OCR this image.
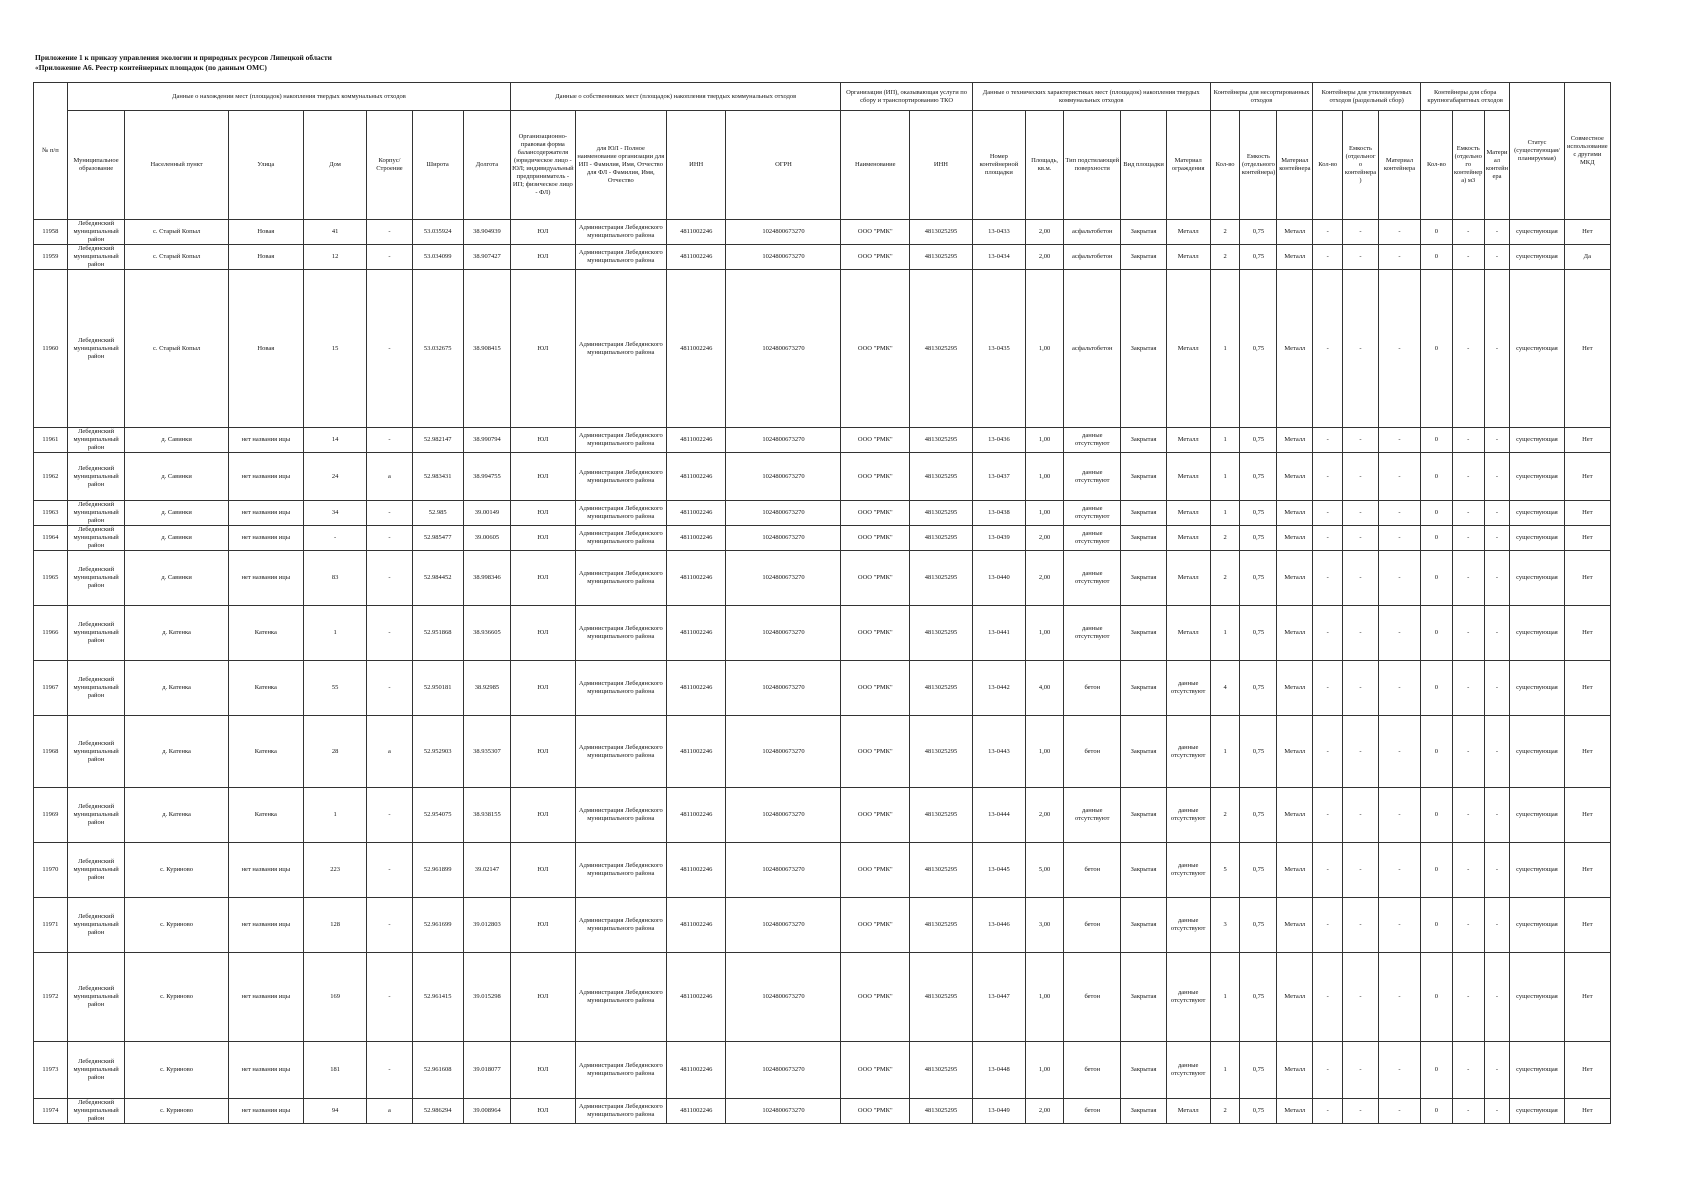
Приложение 1 к приказу управления экологии и природных ресурсов Липецкой области
«Приложение А6. Реестр контейнерных площадок (по данным ОМС)
№ п/п	Данные о нахождении мест (площадок) накопления твердых коммунальных отходов							Данные о собственниках мест (площадок) накопления твердых коммунальных отходов				Организация (ИП), оказывающая услуги по сбору и транспортированию ТКО		Данные о технических характеристиках мест (площадок) накопления твердых коммунальных отходов					Контейнеры для несортированных отходов			Контейнеры для утилизируемых отходов (раздельный сбор)			Контейнеры для сбора крупногабаритных отходов			Статус (существующая/планируемая)	Совместное использование с другими МКД
	Муниципальное образование	Населенный пункт	Улица	Дом	Корпус/Строение	Широта	Долгота	Организационно-правовая форма балансодержателя (юридическое лицо - ЮЛ; индивидуальный предприниматель - ИП; физическое лицо - ФЛ)	для ЮЛ - Полное наименование организации для ИП - Фамилия, Имя, Отчество для ФЛ - Фамилия, Имя, Отчество	ИНН	ОГРН	Наименование	ИНН	Номер контейнерной площадки	Площадь, кв.м.	Тип подстилающей поверхности	Вид площадки	Материал ограждения	Кол-во	Емкость (отдельного контейнера)	Материал контейнера	Кол-во	Емкость (отдельного контейнера)	Материал контейнера	Кол-во	Емкость (отдельного контейнера) м3	Материал контейнера		
11958	Лебедянский муниципальный район	с. Старый Копыл	Новая	41	-	53.035924	38.904939	ЮЛ	Администрация Лебедянского муниципального района	4811002246	1024800673270	ООО "РМК"	4813025295	13-0433	2,00	асфальтобетон	Закрытая	Металл	2	0,75	Металл	-	-	-	0	-	-	существующая	Нет
11959	Лебедянский муниципальный район	с. Старый Копыл	Новая	12	-	53.034099	38.907427	ЮЛ	Администрация Лебедянского муниципального района	4811002246	1024800673270	ООО "РМК"	4813025295	13-0434	2,00	асфальтобетон	Закрытая	Металл	2	0,75	Металл	-	-	-	0	-	-	существующая	Да
11960	Лебедянский муниципальный район	с. Старый Копыл	Новая	15	-	53.032675	38.908415	ЮЛ	Администрация Лебедянского муниципального района	4811002246	1024800673270	ООО "РМК"	4813025295	13-0435	1,00	асфальтобетон	Закрытая	Металл	1	0,75	Металл	-	-	-	0	-	-	существующая	Нет
11961	Лебедянский муниципальный район	д. Савинки	нет названия ицы	14	-	52.982147	38.990794	ЮЛ	Администрация Лебедянского муниципального района	4811002246	1024800673270	ООО "РМК"	4813025295	13-0436	1,00	данные отсутствуют	Закрытая	Металл	1	0,75	Металл	-	-	-	0	-	-	существующая	Нет
11962	Лебедянский муниципальный район	д. Савинки	нет названия ицы	24	а	52.983431	38.994755	ЮЛ	Администрация Лебедянского муниципального района	4811002246	1024800673270	ООО "РМК"	4813025295	13-0437	1,00	данные отсутствуют	Закрытая	Металл	1	0,75	Металл	-	-	-	0	-	-	существующая	Нет
11963	Лебедянский муниципальный район	д. Савинки	нет названия ицы	34	-	52.985	39.00149	ЮЛ	Администрация Лебедянского муниципального района	4811002246	1024800673270	ООО "РМК"	4813025295	13-0438	1,00	данные отсутствуют	Закрытая	Металл	1	0,75	Металл	-	-	-	0	-	-	существующая	Нет
11964	Лебедянский муниципальный район	д. Савинки	нет названия ицы	-	-	52.985477	39.00605	ЮЛ	Администрация Лебедянского муниципального района	4811002246	1024800673270	ООО "РМК"	4813025295	13-0439	2,00	данные отсутствуют	Закрытая	Металл	2	0,75	Металл	-	-	-	0	-	-	существующая	Нет
11965	Лебедянский муниципальный район	д. Савинки	нет названия ицы	83	-	52.984452	38.998346	ЮЛ	Администрация Лебедянского муниципального района	4811002246	1024800673270	ООО "РМК"	4813025295	13-0440	2,00	данные отсутствуют	Закрытая	Металл	2	0,75	Металл	-	-	-	0	-	-	существующая	Нет
11966	Лебедянский муниципальный район	д. Катенка	Катенка	1	-	52.951868	38.936605	ЮЛ	Администрация Лебедянского муниципального района	4811002246	1024800673270	ООО "РМК"	4813025295	13-0441	1,00	данные отсутствуют	Закрытая	Металл	1	0,75	Металл	-	-	-	0	-	-	существующая	Нет
11967	Лебедянский муниципальный район	д. Катенка	Катенка	55	-	52.950181	38.92985	ЮЛ	Администрация Лебедянского муниципального района	4811002246	1024800673270	ООО "РМК"	4813025295	13-0442	4,00	бетон	Закрытая	данные отсутствуют	4	0,75	Металл	-	-	-	0	-	-	существующая	Нет
11968	Лебедянский муниципальный район	д. Катенка	Катенка	28	а	52.952903	38.935307	ЮЛ	Администрация Лебедянского муниципального района	4811002246	1024800673270	ООО "РМК"	4813025295	13-0443	1,00	бетон	Закрытая	данные отсутствуют	1	0,75	Металл	-	-	-	0	-	-	существующая	Нет
11969	Лебедянский муниципальный район	д. Катенка	Катенка	1	-	52.954075	38.938155	ЮЛ	Администрация Лебедянского муниципального района	4811002246	1024800673270	ООО "РМК"	4813025295	13-0444	2,00	данные отсутствуют	Закрытая	данные отсутствуют	2	0,75	Металл	-	-	-	0	-	-	существующая	Нет
11970	Лебедянский муниципальный район	с. Куриново	нет названия ицы	223	-	52.961899	39.02147	ЮЛ	Администрация Лебедянского муниципального района	4811002246	1024800673270	ООО "РМК"	4813025295	13-0445	5,00	бетон	Закрытая	данные отсутствуют	5	0,75	Металл	-	-	-	0	-	-	существующая	Нет
11971	Лебедянский муниципальный район	с. Куриново	нет названия ицы	128	-	52.961699	39.012803	ЮЛ	Администрация Лебедянского муниципального района	4811002246	1024800673270	ООО "РМК"	4813025295	13-0446	3,00	бетон	Закрытая	данные отсутствуют	3	0,75	Металл	-	-	-	0	-	-	существующая	Нет
11972	Лебедянский муниципальный район	с. Куриново	нет названия ицы	169	-	52.961415	39.015298	ЮЛ	Администрация Лебедянского муниципального района	4811002246	1024800673270	ООО "РМК"	4813025295	13-0447	1,00	бетон	Закрытая	данные отсутствуют	1	0,75	Металл	-	-	-	0	-	-	существующая	Нет
11973	Лебедянский муниципальный район	с. Куриново	нет названия ицы	181	-	52.961608	39.018077	ЮЛ	Администрация Лебедянского муниципального района	4811002246	1024800673270	ООО "РМК"	4813025295	13-0448	1,00	бетон	Закрытая	данные отсутствуют	1	0,75	Металл	-	-	-	0	-	-	существующая	Нет
11974	Лебедянский муниципальный район	с. Куриново	нет названия ицы	94	а	52.986294	39.008964	ЮЛ	Администрация Лебедянского муниципального района	4811002246	1024800673270	ООО "РМК"	4813025295	13-0449	2,00	бетон	Закрытая	Металл	2	0,75	Металл	-	-	-	0	-	-	существующая	Нет
